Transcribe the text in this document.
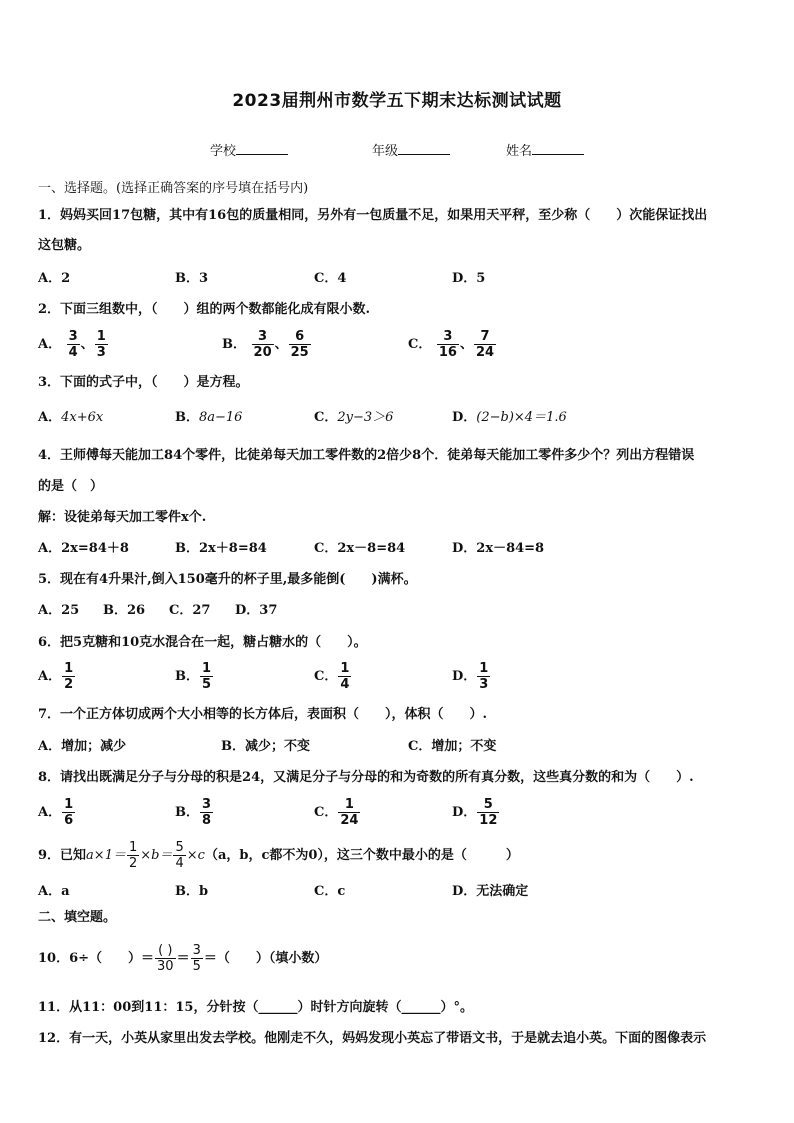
2023届荆州市数学五下期末达标测试试题
学校	年级	姓名
一、选择题。(选择正确答案的序号填在括号内)
1．妈妈买回17包糖，其中有16包的质量相同，另外有一包质量不足，如果用天平秤，至少称（　　）次能保证找出
这包糖。
A．2	B．3	C．4	D．5
2．下面三组数中，（　　）组的两个数都能化成有限小数.
A． $\frac{3}{4}$ 、 $\frac{1}{3}$	B． $\frac{3}{20}$ 、 $\frac{6}{25}$	C． $\frac{3}{16}$ 、 $\frac{7}{24}$
3．下面的式子中，（　　）是方程。
A．4x+6x	B．8a−16	C．2y−3＞6	D．(2−b)×4＝1.6
4．王师傅每天能加工84个零件，比徒弟每天加工零件数的2倍少8个．徒弟每天能加工零件多少个？列出方程错误
的是（　）
解：设徒弟每天加工零件x个.
A．2x=84＋8	B．2x＋8=84	C．2x－8=84	D．2x－84=8
5．现在有4升果汁,倒入150毫升的杯子里,最多能倒(　　)满杯。
A．25 B．26 C．27 D．37
6．把5克糖和10克水混合在一起，糖占糖水的（　　）。
A． $\frac{1}{2}$	B． $\frac{1}{5}$	C． $\frac{1}{4}$	D． $\frac{1}{3}$
7．一个正方体切成两个大小相等的长方体后，表面积（　　），体积（　　）.
A．增加；减少	B．减少；不变	C．增加；不变
8．请找出既满足分子与分母的积是24，又满足分子与分母的和为奇数的所有真分数，这些真分数的和为（　　）.
A． $\frac{1}{6}$	B． $\frac{3}{8}$	C． $\frac{1}{24}$	D． $\frac{5}{12}$
9．已知$a\times 1= \frac{1}{2} \times b= \frac{5}{4} \times c(a$，b，c都不为0），这三个数中最小的是（　　　）
A．a	B．b	C．c	D．无法确定
二、填空题。
10．6÷（　　）＝ $\frac{( )}{30} = \frac{3}{5}$ ＝（　　）（填小数）
11．从11：00到11：15，分针按（______）时针方向旋转（______）°。
12．有一天，小英从家里出发去学校。他刚走不久，妈妈发现小英忘了带语文书，于是就去追小英。下面的图像表示
